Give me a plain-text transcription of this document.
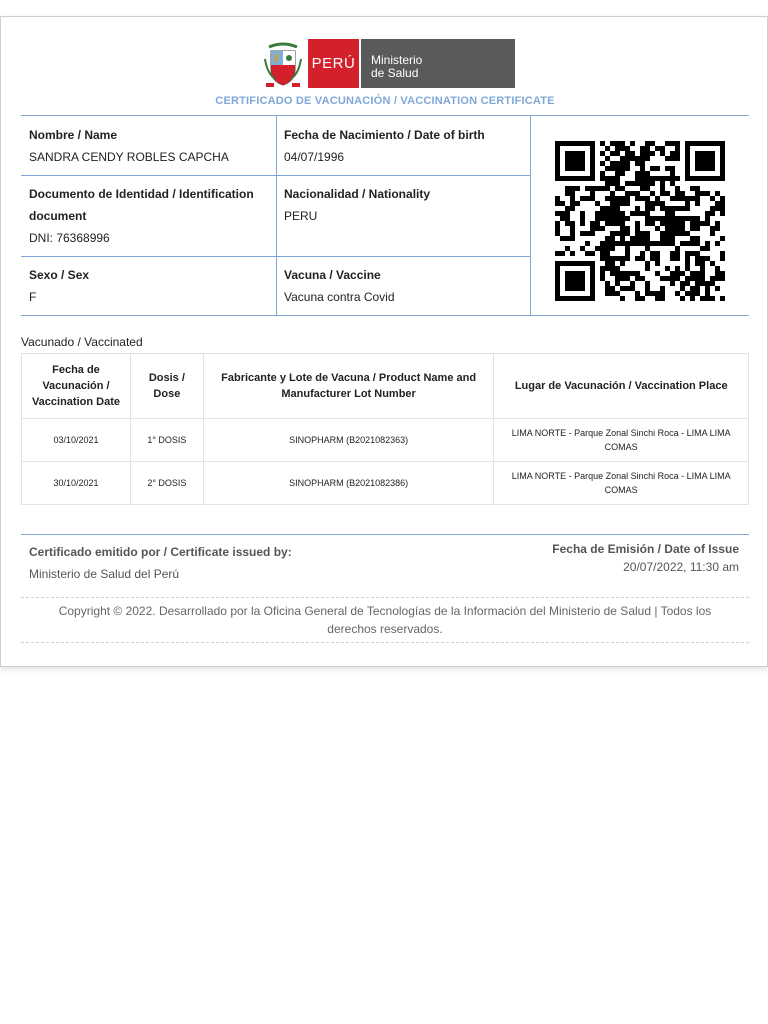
PERÚ	Ministerio
de Salud
CERTIFICADO DE VACUNACIÓN / VACCINATION CERTIFICATE
Nombre / Name
SANDRA CENDY ROBLES CAPCHA
Fecha de Nacimiento / Date of birth
04/07/1996
Documento de Identidad / Identification document
DNI: 76368996
Nacionalidad / Nationality
PERU
Sexo / Sex
F
Vacuna / Vaccine
Vacuna contra Covid
Vacunado / Vaccinated
Fecha de Vacunación / Vaccination Date	Dosis / Dose	Fabricante y Lote de Vacuna / Product Name and Manufacturer Lot Number	Lugar de Vacunación / Vaccination Place
03/10/2021	1° DOSIS	SINOPHARM (B2021082363)	LIMA NORTE - Parque Zonal Sinchi Roca - LIMA LIMA COMAS
30/10/2021	2° DOSIS	SINOPHARM (B2021082386)	LIMA NORTE - Parque Zonal Sinchi Roca - LIMA LIMA COMAS
Certificado emitido por / Certificate issued by:
Ministerio de Salud del Perú
Fecha de Emisión / Date of Issue
20/07/2022, 11:30 am
Copyright © 2022. Desarrollado por la Oficina General de Tecnologías de la Información del Ministerio de Salud | Todos los derechos reservados.
